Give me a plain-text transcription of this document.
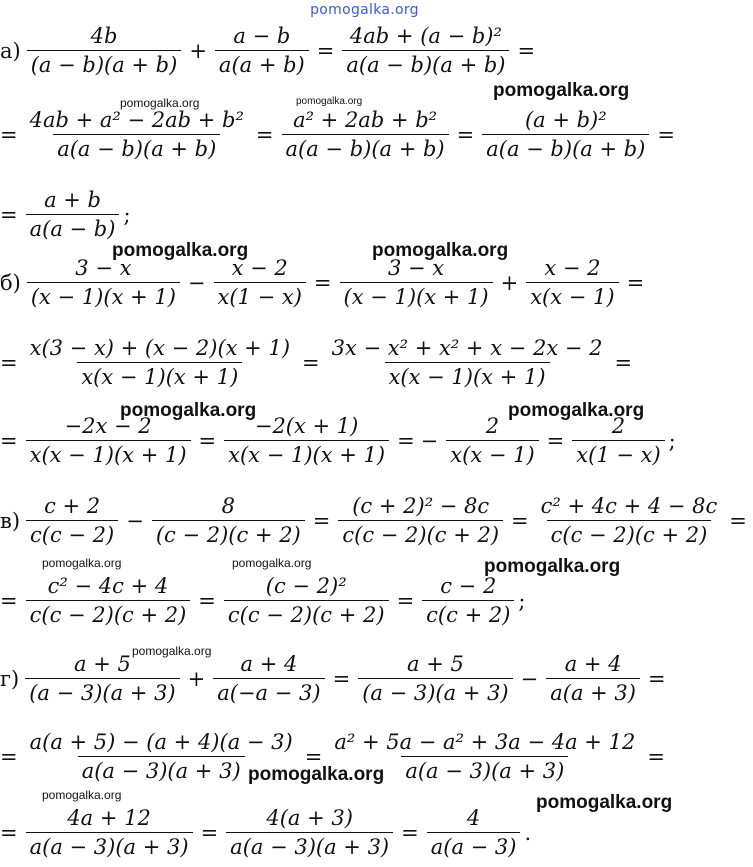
pomogalka.org
$а) \frac{4b}{(a - b)(a + b)} + \frac{a - b}{a(a + b)} = \frac{\text{4ab + (a − b)²}}{a(a - b)(a + b)}$ =
= $\frac{\text{4ab + a² − 2ab + b²}}{a(a - b)(a + b)} = \frac{\text{a² + 2ab + b²}}{a(a - b)(a + b)} = \frac{\text{(a + b)²}}{a(a - b)(a + b)}$ =
= $\frac{a + b}{a(a - b)}$ ;
$б) \frac{3 - x}{(x - 1)(x + 1)} - \frac{x - 2}{x(1 - x)} = \frac{3 - x}{(x - 1)(x + 1)} + \frac{x - 2}{x(x - 1)}$ =
= $\frac{x(3 - x) + (x - 2)(x + 1)}{x(x - 1)(x + 1)} = \frac{\text{3x − x² + x² + x − 2x − 2}}{x(x - 1)(x + 1)}$ =
= $\frac{-2x - 2}{x(x - 1)(x + 1)} = \frac{-2(x + 1)}{x(x - 1)(x + 1)}$ = − $\frac{2}{x(x - 1)} = \frac{2}{x(1 - x)}$ ;
$в) \frac{c + 2}{c(c - 2)} - \frac{8}{(c - 2)(c + 2)} = \frac{\text{(c + 2)² − 8c}}{c(c - 2)(c + 2)} = \frac{\text{c² + 4c + 4 − 8c}}{c(c - 2)(c + 2)}$ =
= $\frac{\text{c² − 4c + 4}}{c(c - 2)(c + 2)} = \frac{\text{(c − 2)²}}{c(c - 2)(c + 2)} = \frac{c - 2}{c(c + 2)}$ ;
$г) \frac{a + 5}{(a - 3)(a + 3)} + \frac{a + 4}{a(-a - 3)} = \frac{a + 5}{(a - 3)(a + 3)} - \frac{a + 4}{a(a + 3)}$ =
= $\frac{a(a + 5) - (a + 4)(a - 3)}{a(a - 3)(a + 3)} = \frac{\text{a² + 5a − a² + 3a − 4a + 12}}{a(a - 3)(a + 3)}$ =
= $\frac{4a + 12}{a(a - 3)(a + 3)} = \frac{4(a + 3)}{a(a - 3)(a + 3)} = \frac{4}{a(a - 3)}$ .
pomogalka.org
pomogalka.org	pomogalka.org
pomogalka.org	pomogalka.org
pomogalka.org	pomogalka.org
pomogalka.org	pomogalka.org	pomogalka.org
pomogalka.org
pomogalka.org
pomogalka.org	pomogalka.org
